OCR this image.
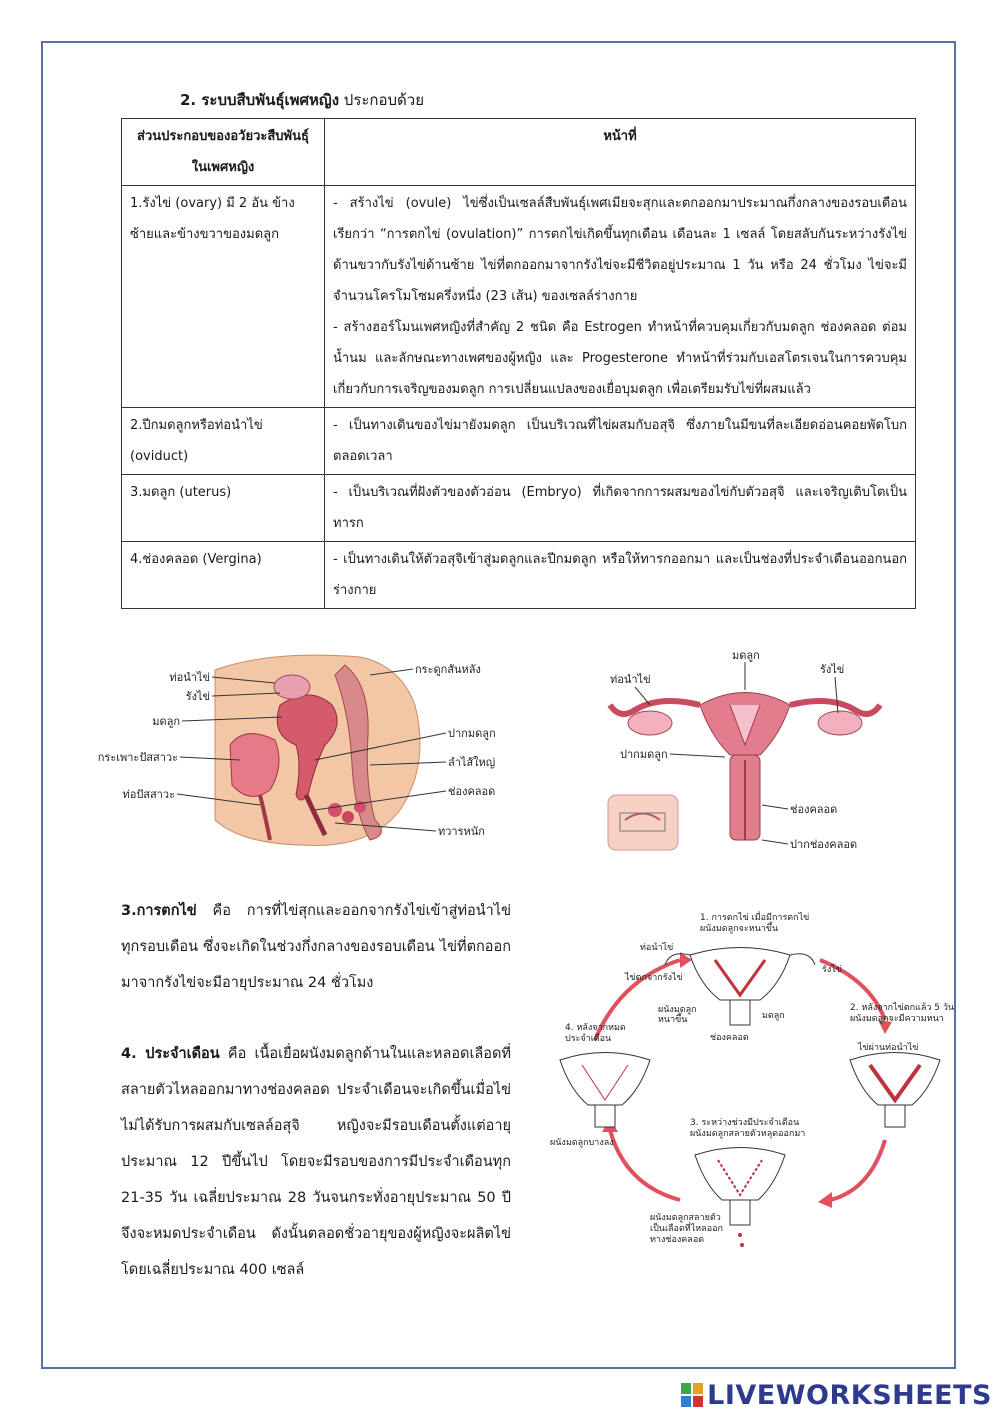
2. ระบบสืบพันธุ์เพศหญิง ประกอบด้วย
ส่วนประกอบของอวัยวะสืบพันธุ์ในเพศหญิง	หน้าที่
1.รังไข่ (ovary) มี 2 อัน ข้างซ้ายและข้างขวาของมดลูก	- สร้างไข่ (ovule) ไข่ซึ่งเป็นเซลล์สืบพันธุ์เพศเมียจะสุกและตกออกมาประมาณกึ่งกลางของรอบเดือนเรียกว่า “การตกไข่ (ovulation)” การตกไข่เกิดขึ้นทุกเดือน เดือนละ 1 เซลล์ โดยสลับกันระหว่างรังไข่ด้านขวากับรังไข่ด้านซ้าย ไข่ที่ตกออกมาจากรังไข่จะมีชีวิตอยู่ประมาณ 1 วัน หรือ 24 ชั่วโมง ไข่จะมีจำนวนโครโมโซมครึ่งหนึ่ง (23 เส้น) ของเซลล์ร่างกาย
- สร้างฮอร์โมนเพศหญิงที่สำคัญ 2 ชนิด คือ Estrogen ทำหน้าที่ควบคุมเกี่ยวกับมดลูก ช่องคลอด ต่อมน้ำนม และลักษณะทางเพศของผู้หญิง และ Progesterone ทำหน้าที่ร่วมกับเอสโตรเจนในการควบคุมเกี่ยวกับการเจริญของมดลูก การเปลี่ยนแปลงของเยื่อบุมดลูก เพื่อเตรียมรับไข่ที่ผสมแล้ว

2.ปีกมดลูกหรือท่อนำไข่ (oviduct)	- เป็นทางเดินของไข่มายังมดลูก เป็นบริเวณที่ไข่ผสมกับอสุจิ ซึ่งภายในมีขนที่ละเอียดอ่อนคอยพัดโบกตลอดเวลา

3.มดลูก (uterus)	- เป็นบริเวณที่ฝังตัวของตัวอ่อน (Embryo) ที่เกิดจากการผสมของไข่กับตัวอสุจิ และเจริญเติบโตเป็นทารก

4.ช่องคลอด (Vergina)	- เป็นทางเดินให้ตัวอสุจิเข้าสู่มดลูกและปีกมดลูก หรือให้ทารกออกมา และเป็นช่องที่ประจำเดือนออกนอกร่างกาย
ท่อนำไข่
รังไข่
มดลูก
กระเพาะปัสสาวะ
ท่อปัสสาวะ
กระดูกสันหลัง
ปากมดลูก
ลำไส้ใหญ่
ช่องคลอด
ทวารหนัก
มดลูก
ท่อนำไข่
รังไข่
ปากมดลูก
ช่องคลอด
ปากช่องคลอด
1. การตกไข่ เมื่อมีการตกไข่
ผนังมดลูกจะหนาขึ้น
2. หลังจากไข่ตกแล้ว 5 วัน
ผนังมดลูกจะมีความหนา
3. ระหว่างช่วงมีประจำเดือน
ผนังมดลูกสลายตัวหลุดออกมา
4. หลังจากหมด
ประจำเดือน
ท่อนำไข่
ไข่ตกจากรังไข่
รังไข่
ผนังมดลูก
หนาขึ้น	มดลูก
ช่องคลอด
ไข่ผ่านท่อนำไข่
ผนังมดลูกบางลง
ผนังมดลูกสลายตัว
เป็นเลือดที่ไหลออก
ทางช่องคลอด
3.การตกไข่ คือ การที่ไข่สุกและออกจากรังไข่เข้าสู่ท่อนำไข่ทุกรอบเดือน ซึ่งจะเกิดในช่วงกึ่งกลางของรอบเดือน ไข่ที่ตกออกมาจากรังไข่จะมีอายุประมาณ 24 ชั่วโมง
4. ประจำเดือน คือ เนื้อเยื่อผนังมดลูกด้านในและหลอดเลือดที่สลายตัวไหลออกมาทางช่องคลอด ประจำเดือนจะเกิดขึ้นเมื่อไข่ไม่ได้รับการผสมกับเซลล์อสุจิ หญิงจะมีรอบเดือนตั้งแต่อายุประมาณ 12 ปีขึ้นไป โดยจะมีรอบของการมีประจำเดือนทุก 21-35 วัน เฉลี่ยประมาณ 28 วันจนกระทั่งอายุประมาณ 50 ปี จึงจะหมดประจำเดือน ดังนั้นตลอดชั่วอายุของผู้หญิงจะผลิตไข่โดยเฉลี่ยประมาณ 400 เซลล์
LIVEWORKSHEETS
